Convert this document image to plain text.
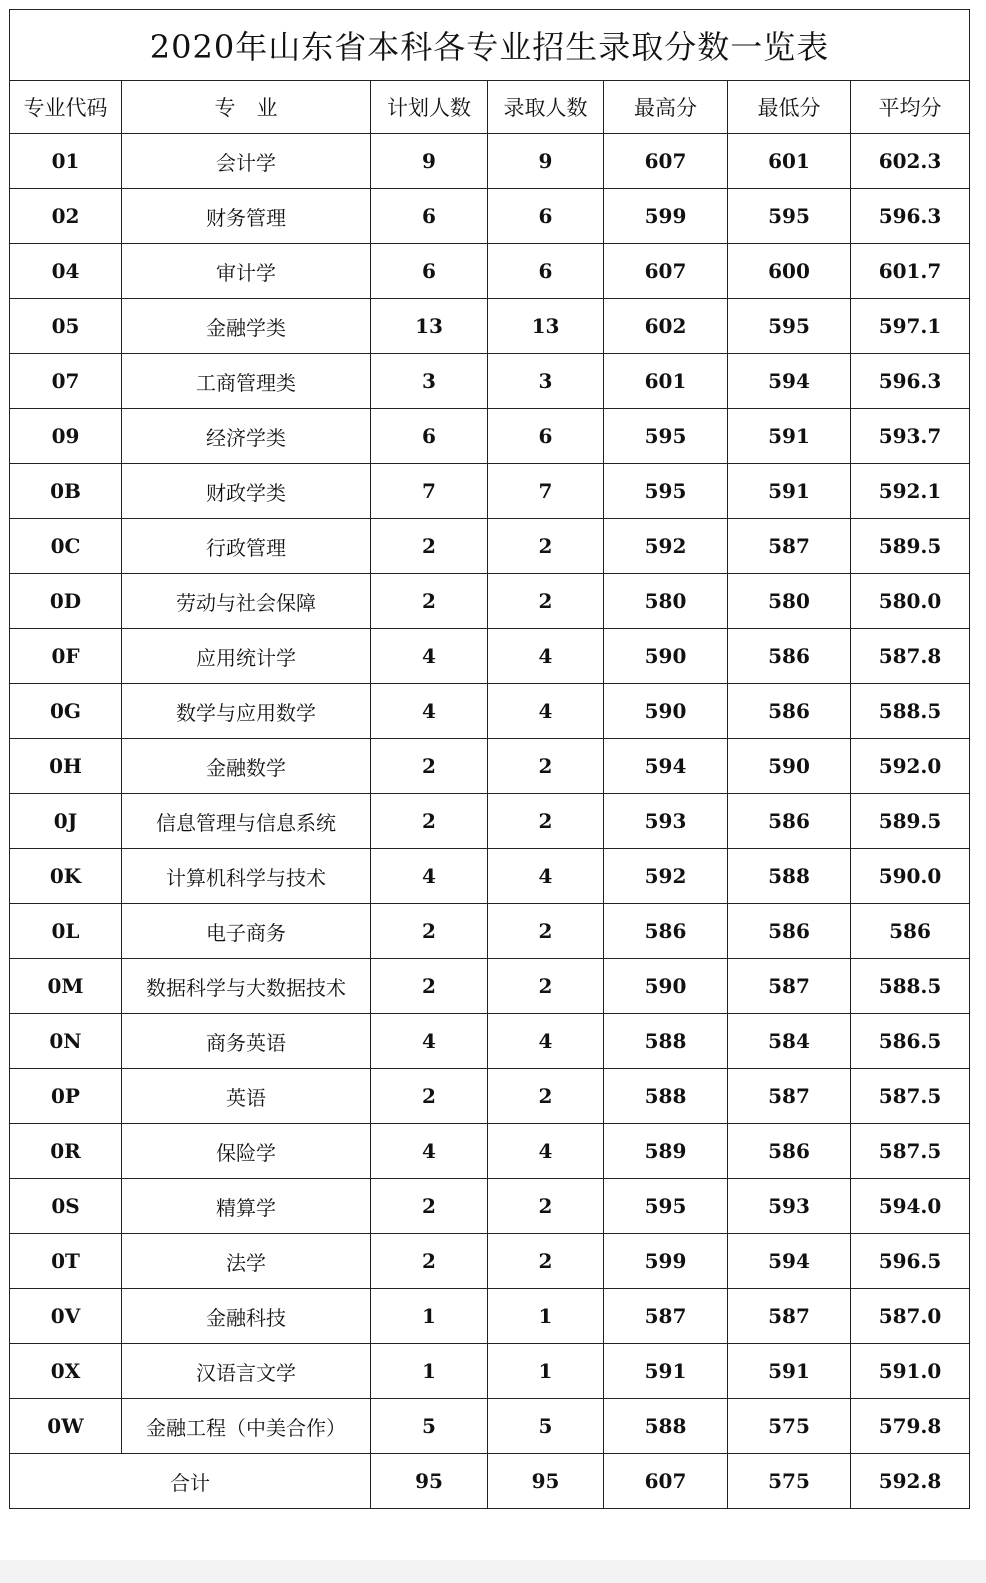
2020年山东省本科各专业招生录取分数一览表						
专业代码	专　业	计划人数	录取人数	最高分	最低分	平均分
01	会计学	9	9	607	601	602.3
02	财务管理	6	6	599	595	596.3
04	审计学	6	6	607	600	601.7
05	金融学类	13	13	602	595	597.1
07	工商管理类	3	3	601	594	596.3
09	经济学类	6	6	595	591	593.7
0B	财政学类	7	7	595	591	592.1
0C	行政管理	2	2	592	587	589.5
0D	劳动与社会保障	2	2	580	580	580.0
0F	应用统计学	4	4	590	586	587.8
0G	数学与应用数学	4	4	590	586	588.5
0H	金融数学	2	2	594	590	592.0
0J	信息管理与信息系统	2	2	593	586	589.5
0K	计算机科学与技术	4	4	592	588	590.0
0L	电子商务	2	2	586	586	586
0M	数据科学与大数据技术	2	2	590	587	588.5
0N	商务英语	4	4	588	584	586.5
0P	英语	2	2	588	587	587.5
0R	保险学	4	4	589	586	587.5
0S	精算学	2	2	595	593	594.0
0T	法学	2	2	599	594	596.5
0V	金融科技	1	1	587	587	587.0
0X	汉语言文学	1	1	591	591	591.0
0W	金融工程（中美合作）	5	5	588	575	579.8
合计		95	95	607	575	592.8
